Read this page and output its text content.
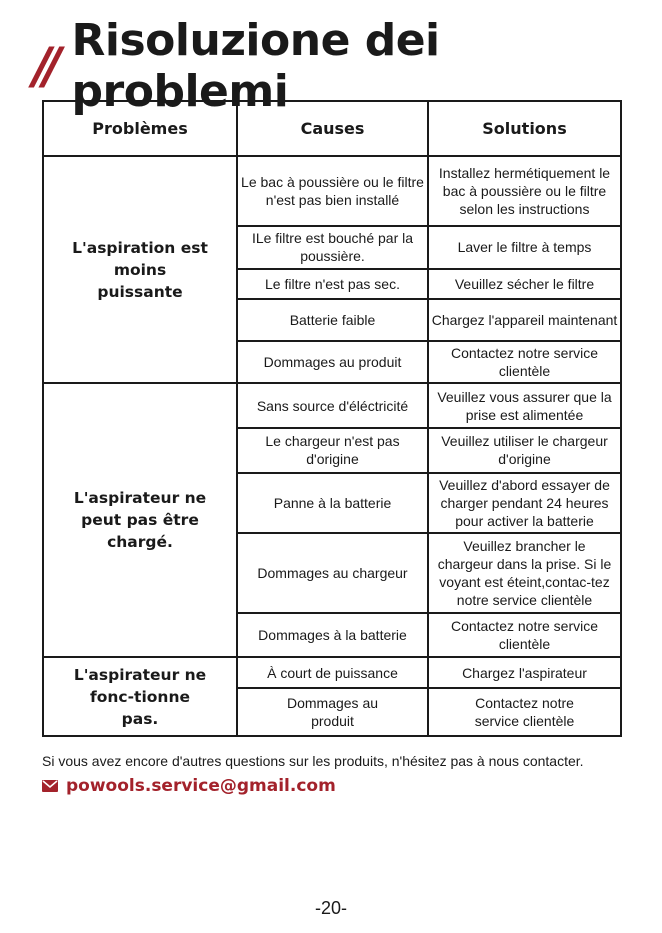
// Risoluzione dei problemi
Problèmes	Causes	Solutions
L'aspiration est moins puissante	Le bac à poussière ou le filtre n'est pas bien installé	Installez hermétiquement le bac à poussière ou le filtre selon les instructions
	ILe filtre est bouché par la poussière.	Laver le filtre à temps
	Le filtre n'est pas sec.	Veuillez sécher le filtre
	Batterie faible	Chargez l'appareil maintenant
	Dommages au produit	Contactez notre service clientèle
L'aspirateur ne peut pas être chargé.	Sans source d'éléctricité	Veuillez vous assurer que la prise est alimentée
	Le chargeur n'est pas d'origine	Veuillez utiliser le chargeur d'origine
	Panne à la batterie	Veuillez d'abord essayer de charger pendant 24 heures pour activer la batterie
	Dommages au chargeur	Veuillez brancher le chargeur dans la prise. Si le voyant est éteint,contac-tez notre service clientèle
	Dommages à la batterie	Contactez notre service clientèle
L'aspirateur ne fonc-tionne pas.	À court de puissance	Chargez l'aspirateur
	Dommages au produit	Contactez notre service clientèle
Si vous avez encore d'autres questions sur les produits, n'hésitez pas à nous contacter.
powools.service@gmail.com
-20-
